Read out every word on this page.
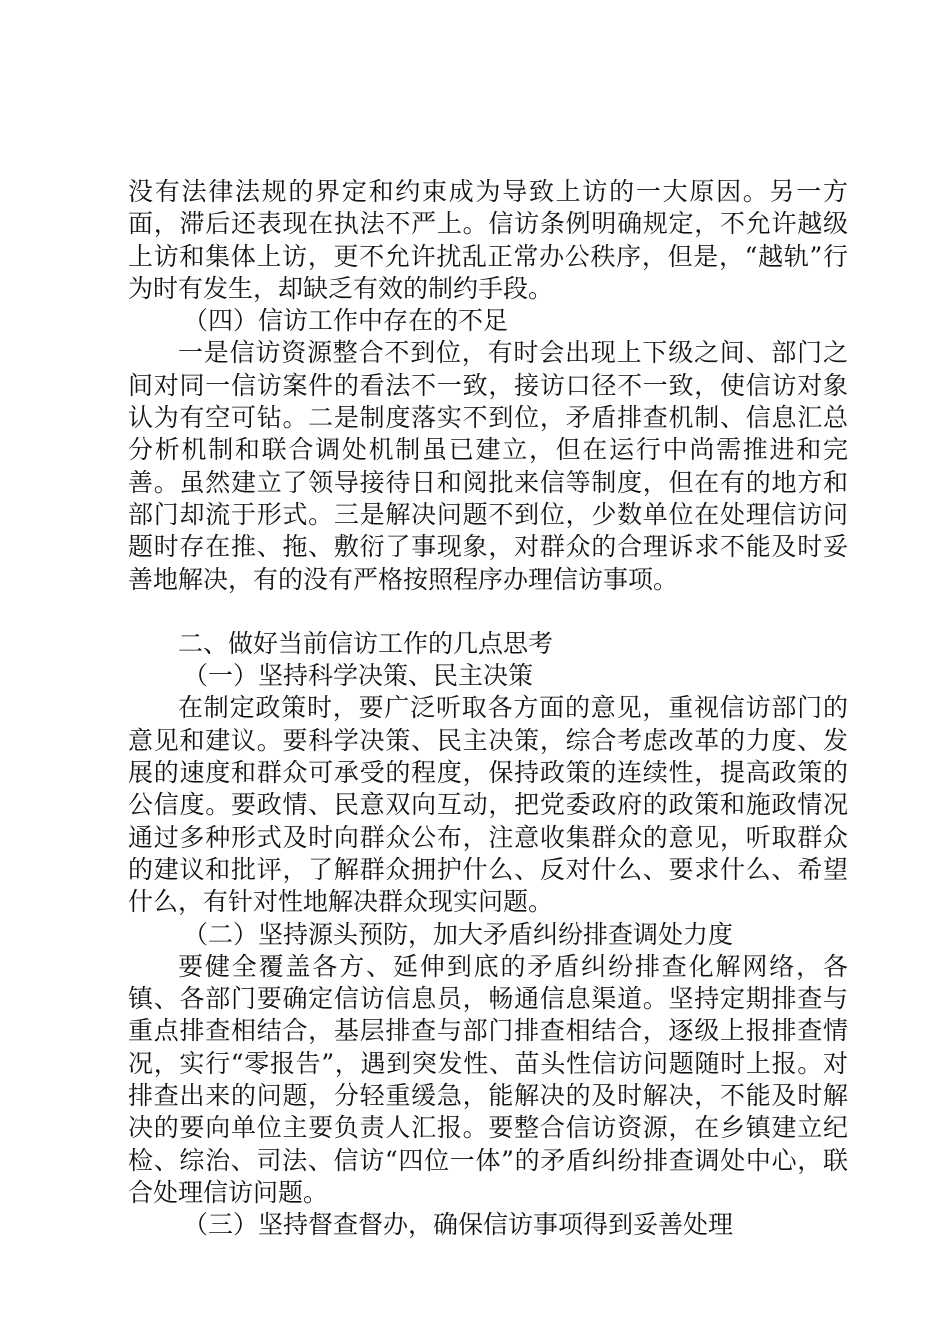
没有法律法规的界定和约束成为导致上访的一大原因。另一方面，滞后还表现在执法不严上。信访条例明确规定，不允许越级上访和集体上访，更不允许扰乱正常办公秩序，但是，“越轨”行为时有发生，却缺乏有效的制约手段。

（四）信访工作中存在的不足

一是信访资源整合不到位，有时会出现上下级之间、部门之间对同一信访案件的看法不一致，接访口径不一致，使信访对象认为有空可钻。二是制度落实不到位，矛盾排查机制、信息汇总分析机制和联合调处机制虽已建立，但在运行中尚需推进和完善。虽然建立了领导接待日和阅批来信等制度，但在有的地方和部门却流于形式。三是解决问题不到位，少数单位在处理信访问题时存在推、拖、敷衍了事现象，对群众的合理诉求不能及时妥善地解决，有的没有严格按照程序办理信访事项。

二、做好当前信访工作的几点思考

（一）坚持科学决策、民主决策

在制定政策时，要广泛听取各方面的意见，重视信访部门的意见和建议。要科学决策、民主决策，综合考虑改革的力度、发展的速度和群众可承受的程度，保持政策的连续性，提高政策的公信度。要政情、民意双向互动，把党委政府的政策和施政情况通过多种形式及时向群众公布，注意收集群众的意见，听取群众的建议和批评，了解群众拥护什么、反对什么、要求什么、希望什么，有针对性地解决群众现实问题。

（二）坚持源头预防，加大矛盾纠纷排查调处力度

要健全覆盖各方、延伸到底的矛盾纠纷排查化解网络，各镇、各部门要确定信访信息员，畅通信息渠道。坚持定期排查与重点排查相结合，基层排查与部门排查相结合，逐级上报排查情况，实行“零报告”，遇到突发性、苗头性信访问题随时上报。对排查出来的问题，分轻重缓急，能解决的及时解决，不能及时解决的要向单位主要负责人汇报。要整合信访资源，在乡镇建立纪检、综治、司法、信访“四位一体”的矛盾纠纷排查调处中心，联合处理信访问题。

（三）坚持督查督办，确保信访事项得到妥善处理
